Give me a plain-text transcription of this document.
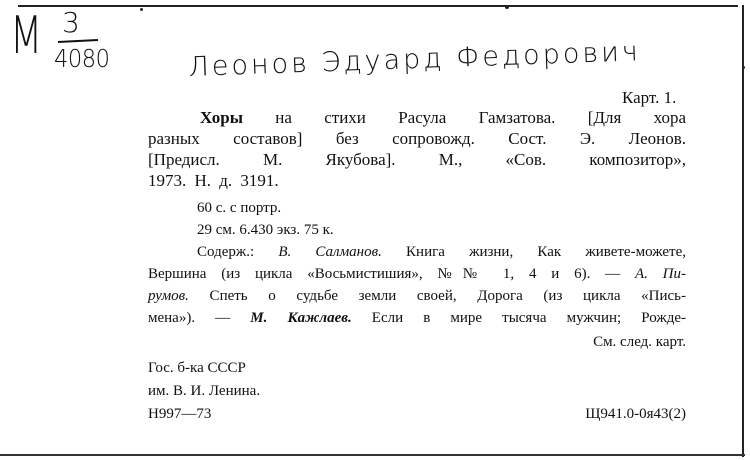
М 3
4080	Леонов Эдуард Федорович
Карт. 1.
Хоры на стихи Расула Гамзатова. [Для хора
разных составов] без сопровожд. Сост. Э. Леонов.
[Предисл. М. Якубова]. М., «Сов. композитор»,
1973. Н. д. 3191.
60 с. с портр.
29 см. 6.430 экз. 75 к.
Содерж.: В. Салманов. Книга жизни, Как живете-можете,
Вершина (из цикла «Восьмистишия», №№ 1, 4 и 6). — А. Пи-
румов. Спеть о судьбе земли своей, Дорога (из цикла «Пись-
мена»). — М. Кажлаев. Если в мире тысяча мужчин; Рожде-
См. след. карт.
Гос. б-ка СССР
им. В. И. Ленина.
Н997—73	Щ941.0-0я43(2)
